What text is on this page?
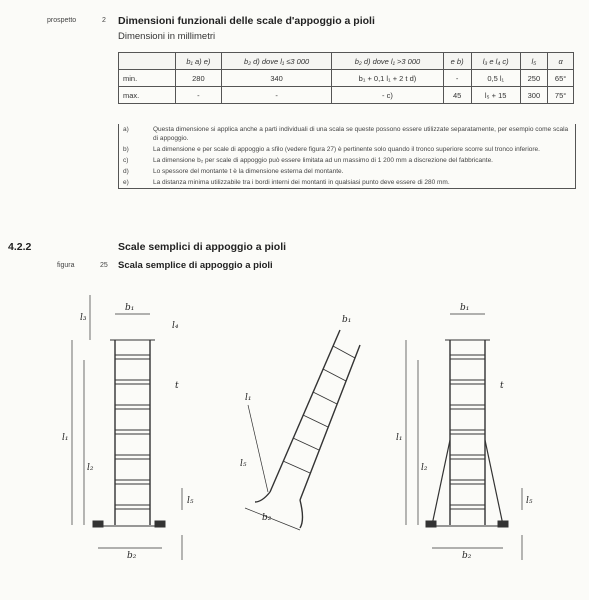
prospetto	2 Dimensioni funzionali delle scale d'appoggio a pioli
Dimensioni in millimetri
	b₁ a) e)	b₂ d) dove l₁ ≤3 000	b₂ d) dove l₁ >3 000	e b)	l₃ e l₄ c)	l₅	α
min.	280	340	b₁ + 0,1 l₁ + 2 t d)	-	0,5 l₁	250	65°
max.	-	-	- c)	45	l₅ + 15	300	75°
a)	Questa dimensione si applica anche a parti individuali di una scala se queste possono essere utilizzate separatamente, per esempio come scala di appoggio.
b)	La dimensione e per scale di appoggio a sfilo (vedere figura 27) è pertinente solo quando il tronco superiore scorre sul tronco inferiore.
c)	La dimensione b₂ per scale di appoggio può essere limitata ad un massimo di 1 200 mm a discrezione del fabbricante.
d)	Lo spessore del montante t è la dimensione esterna del montante.
e)	La distanza minima utilizzabile tra i bordi interni dei montanti in qualsiasi punto deve essere di 280 mm.
4.2.2	Scale semplici di appoggio a pioli
figura	25 Scala semplice di appoggio a pioli
b₁
b₂
l₁
l₂
l₃
l₄
l₅
t
b₁
b₂
l₁
l₅
b₁
b₂
l₁
l₂
l₅
t
